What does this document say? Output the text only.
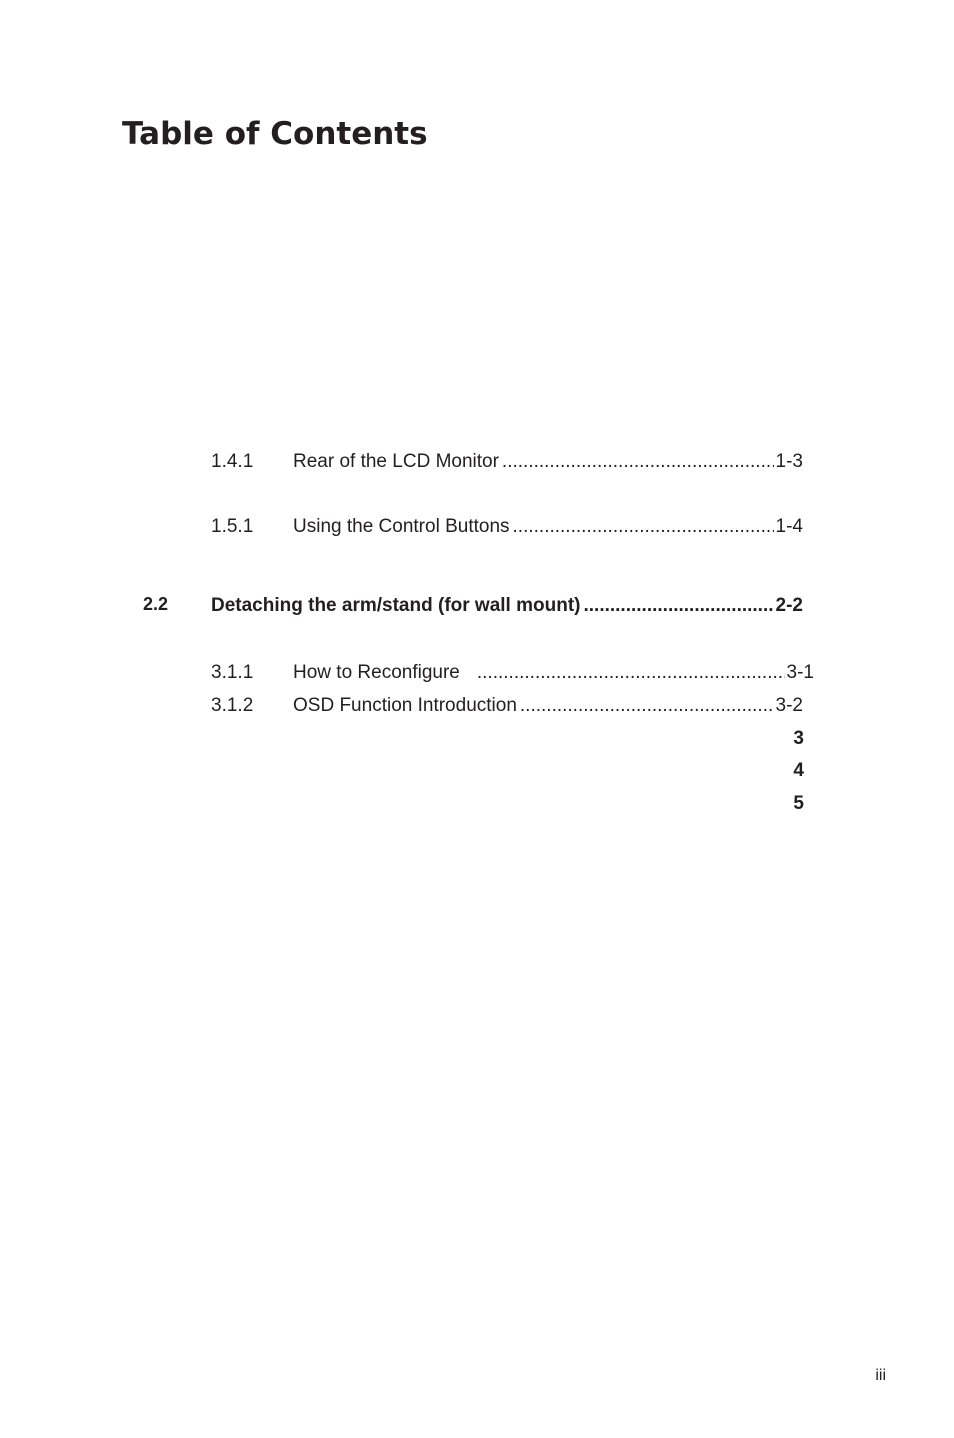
Table of Contents
1.4.1 Rear of the LCD Monitor .....	1-3
1.5.1 Using the Control Buttons .....	1-4
2.2 Detaching the arm/stand (for wall mount) .....	2-2
3.1.1 How to Reconfigure .....	3-1
3.1.2 OSD Function Introduction .....	3-2
3
4
5
iii
